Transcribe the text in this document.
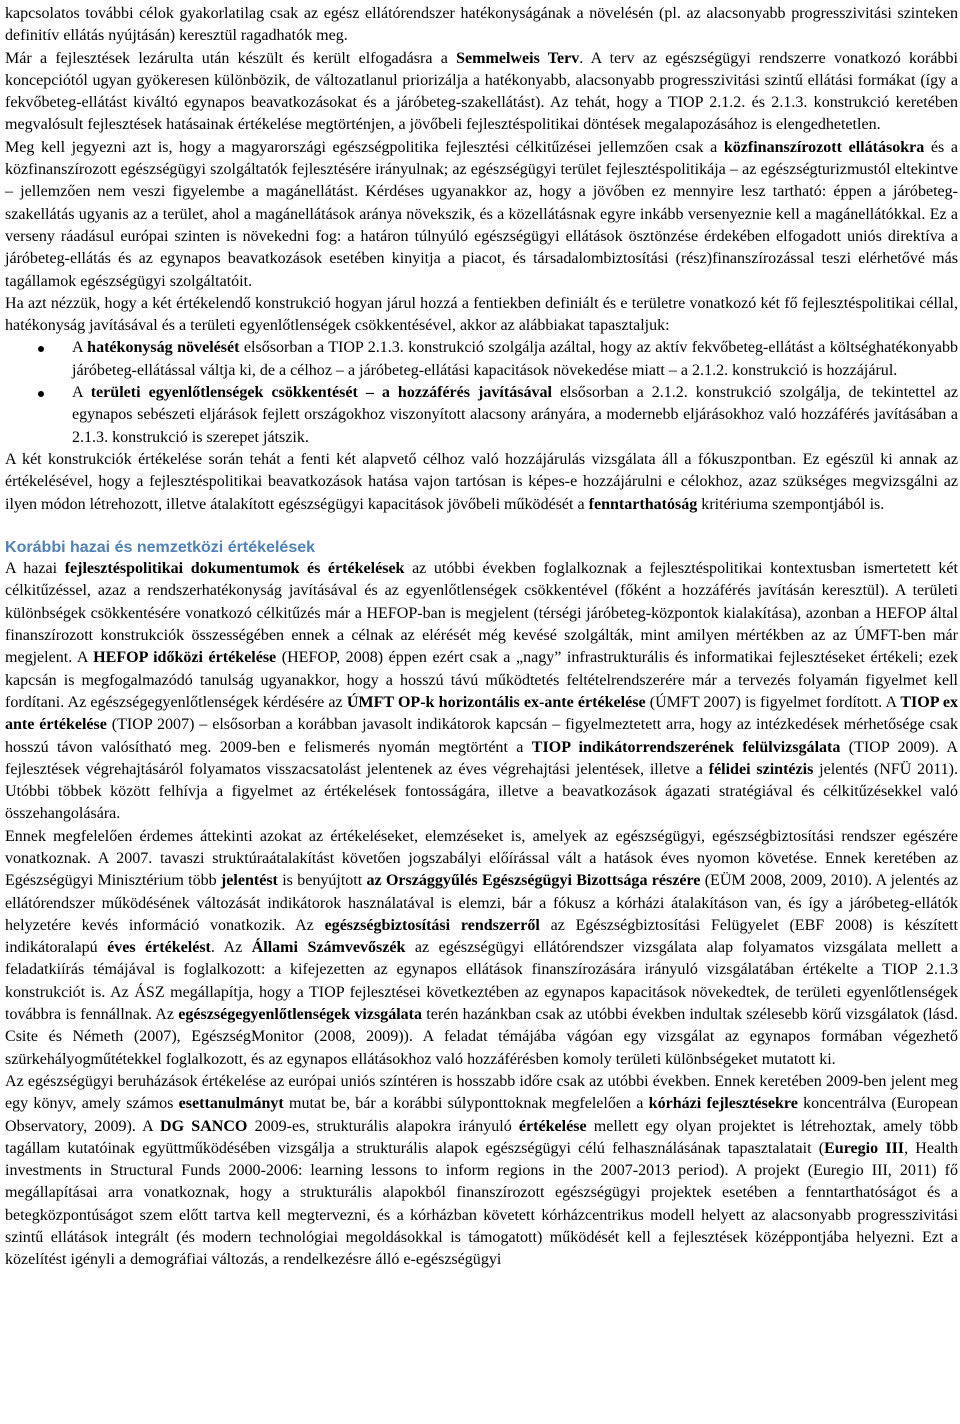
kapcsolatos további célok gyakorlatilag csak az egész ellátórendszer hatékonyságának a növelésén (pl. az alacsonyabb progresszivitási szinteken definitív ellátás nyújtásán) keresztül ragadhatók meg.

Már a fejlesztések lezárulta után készült és került elfogadásra a Semmelweis Terv. A terv az egészségügyi rendszerre vonatkozó korábbi koncepciótól ugyan gyökeresen különbözik, de változatlanul priorizálja a hatékonyabb, alacsonyabb progresszivitási szintű ellátási formákat (így a fekvőbeteg-ellátást kiváltó egynapos beavatkozásokat és a járóbeteg-szakellátást). Az tehát, hogy a TIOP 2.1.2. és 2.1.3. konstrukció keretében megvalósult fejlesztések hatásainak értékelése megtörténjen, a jövőbeli fejlesztéspolitikai döntések megalapozásához is elengedhetetlen.

Meg kell jegyezni azt is, hogy a magyarországi egészségpolitika fejlesztési célkitűzései jellemzően csak a közfinanszírozott ellátásokra és a közfinanszírozott egészségügyi szolgáltatók fejlesztésére irányulnak; az egészségügyi terület fejlesztéspolitikája – az egészségturizmustól eltekintve – jellemzően nem veszi figyelembe a magánellátást. Kérdéses ugyanakkor az, hogy a jövőben ez mennyire lesz tartható: éppen a járóbeteg-szakellátás ugyanis az a terület, ahol a magánellátások aránya növekszik, és a közellátásnak egyre inkább versenyeznie kell a magánellátókkal. Ez a verseny ráadásul európai szinten is növekedni fog: a határon túlnyúló egészségügyi ellátások ösztönzése érdekében elfogadott uniós direktíva a járóbeteg-ellátás és az egynapos beavatkozások esetében kinyitja a piacot, és társadalombiztosítási (rész)finanszírozással teszi elérhetővé más tagállamok egészségügyi szolgáltatóit.

Ha azt nézzük, hogy a két értékelendő konstrukció hogyan járul hozzá a fentiekben definiált és e területre vonatkozó két fő fejlesztéspolitikai céllal, hatékonyság javításával és a területi egyenlőtlenségek csökkentésével, akkor az alábbiakat tapasztaljuk:

A hatékonyság növelését elsősorban a TIOP 2.1.3. konstrukció szolgálja azáltal, hogy az aktív fekvőbeteg-ellátást a költséghatékonyabb járóbeteg-ellátással váltja ki, de a célhoz – a járóbeteg-ellátási kapacitások növekedése miatt – a 2.1.2. konstrukció is hozzájárul.
A területi egyenlőtlenségek csökkentését – a hozzáférés javításával elsősorban a 2.1.2. konstrukció szolgálja, de tekintettel az egynapos sebészeti eljárások fejlett országokhoz viszonyított alacsony arányára, a modernebb eljárásokhoz való hozzáférés javításában a 2.1.3. konstrukció is szerepet játszik.

A két konstrukciók értékelése során tehát a fenti két alapvető célhoz való hozzájárulás vizsgálata áll a fókuszpontban. Ez egészül ki annak az értékelésével, hogy a fejlesztéspolitikai beavatkozások hatása vajon tartósan is képes-e hozzájárulni e célokhoz, azaz szükséges megvizsgálni az ilyen módon létrehozott, illetve átalakított egészségügyi kapacitások jövőbeli működését a fenntarthatóság kritériuma szempontjából is.

Korábbi hazai és nemzetközi értékelések

A hazai fejlesztéspolitikai dokumentumok és értékelések az utóbbi években foglalkoznak a fejlesztéspolitikai kontextusban ismertetett két célkitűzéssel, azaz a rendszerhatékonyság javításával és az egyenlőtlenségek csökkentével (főként a hozzáférés javításán keresztül). A területi különbségek csökkentésére vonatkozó célkitűzés már a HEFOP-ban is megjelent (térségi járóbeteg-központok kialakítása), azonban a HEFOP által finanszírozott konstrukciók összességében ennek a célnak az elérését még kevésé szolgálták, mint amilyen mértékben az az ÚMFT-ben már megjelent. A HEFOP időközi értékelése (HEFOP, 2008) éppen ezért csak a „nagy” infrastrukturális és informatikai fejlesztéseket értékeli; ezek kapcsán is megfogalmazódó tanulság ugyanakkor, hogy a hosszú távú működtetés feltételrendszerére már a tervezés folyamán figyelmet kell fordítani. Az egészségegyenlőtlenségek kérdésére az ÚMFT OP-k horizontális ex-ante értékelése (ÚMFT 2007) is figyelmet fordított. A TIOP ex ante értékelése (TIOP 2007) – elsősorban a korábban javasolt indikátorok kapcsán – figyelmeztetett arra, hogy az intézkedések mérhetősége csak hosszú távon valósítható meg. 2009-ben e felismerés nyomán megtörtént a TIOP indikátorrendszerének felülvizsgálata (TIOP 2009). A fejlesztések végrehajtásáról folyamatos visszacsatolást jelentenek az éves végrehajtási jelentések, illetve a félidei szintézis jelentés (NFÜ 2011). Utóbbi többek között felhívja a figyelmet az értékelések fontosságára, illetve a beavatkozások ágazati stratégiával és célkitűzésekkel való összehangolására.

Ennek megfelelően érdemes áttekinti azokat az értékeléseket, elemzéseket is, amelyek az egészségügyi, egészségbiztosítási rendszer egészére vonatkoznak. A 2007. tavaszi struktúraátalakítást követően jogszabályi előírással vált a hatások éves nyomon követése. Ennek keretében az Egészségügyi Minisztérium több jelentést is benyújtott az Országgyűlés Egészségügyi Bizottsága részére (EÜM 2008, 2009, 2010). A jelentés az ellátórendszer működésének változását indikátorok használatával is elemzi, bár a fókusz a kórházi átalakításon van, és így a járóbeteg-ellátók helyzetére kevés információ vonatkozik. Az egészségbiztosítási rendszerről az Egészségbiztosítási Felügyelet (EBF 2008) is készített indikátoralapú éves értékelést. Az Állami Számvevőszék az egészségügyi ellátórendszer vizsgálata alap folyamatos vizsgálata mellett a feladatkiírás témájával is foglalkozott: a kifejezetten az egynapos ellátások finanszírozására irányuló vizsgálatában értékelte a TIOP 2.1.3 konstrukciót is. Az ÁSZ megállapítja, hogy a TIOP fejlesztései következtében az egynapos kapacitások növekedtek, de területi egyenlőtlenségek továbbra is fennállnak. Az egészségegyenlőtlenségek vizsgálata terén hazánkban csak az utóbbi években indultak szélesebb körű vizsgálatok (lásd. Csite és Németh (2007), EgészségMonitor (2008, 2009)). A feladat témájába vágóan egy vizsgálat az egynapos formában végezhető szürkehályogműtétekkel foglalkozott, és az egynapos ellátásokhoz való hozzáférésben komoly területi különbségeket mutatott ki.

Az egészségügyi beruházások értékelése az európai uniós színtéren is hosszabb időre csak az utóbbi években. Ennek keretében 2009-ben jelent meg egy könyv, amely számos esettanulmányt mutat be, bár a korábbi súlyponttoknak megfelelően a kórházi fejlesztésekre koncentrálva (European Observatory, 2009). A DG SANCO 2009-es, strukturális alapokra irányuló értékelése mellett egy olyan projektet is létrehoztak, amely több tagállam kutatóinak együttműködésében vizsgálja a strukturális alapok egészségügyi célú felhasználásának tapasztalatait (Euregio III, Health investments in Structural Funds 2000-2006: learning lessons to inform regions in the 2007-2013 period). A projekt (Euregio III, 2011) fő megállapításai arra vonatkoznak, hogy a strukturális alapokból finanszírozott egészségügyi projektek esetében a fenntarthatóságot és a betegközpontúságot szem előtt tartva kell megtervezni, és a kórházban követett kórházcentrikus modell helyett az alacsonyabb progresszivitási szintű ellátások integrált (és modern technológiai megoldásokkal is támogatott) működését kell a fejlesztések középpontjába helyezni. Ezt a közelítést igényli a demográfiai változás, a rendelkezésre álló e-egészségügyi
